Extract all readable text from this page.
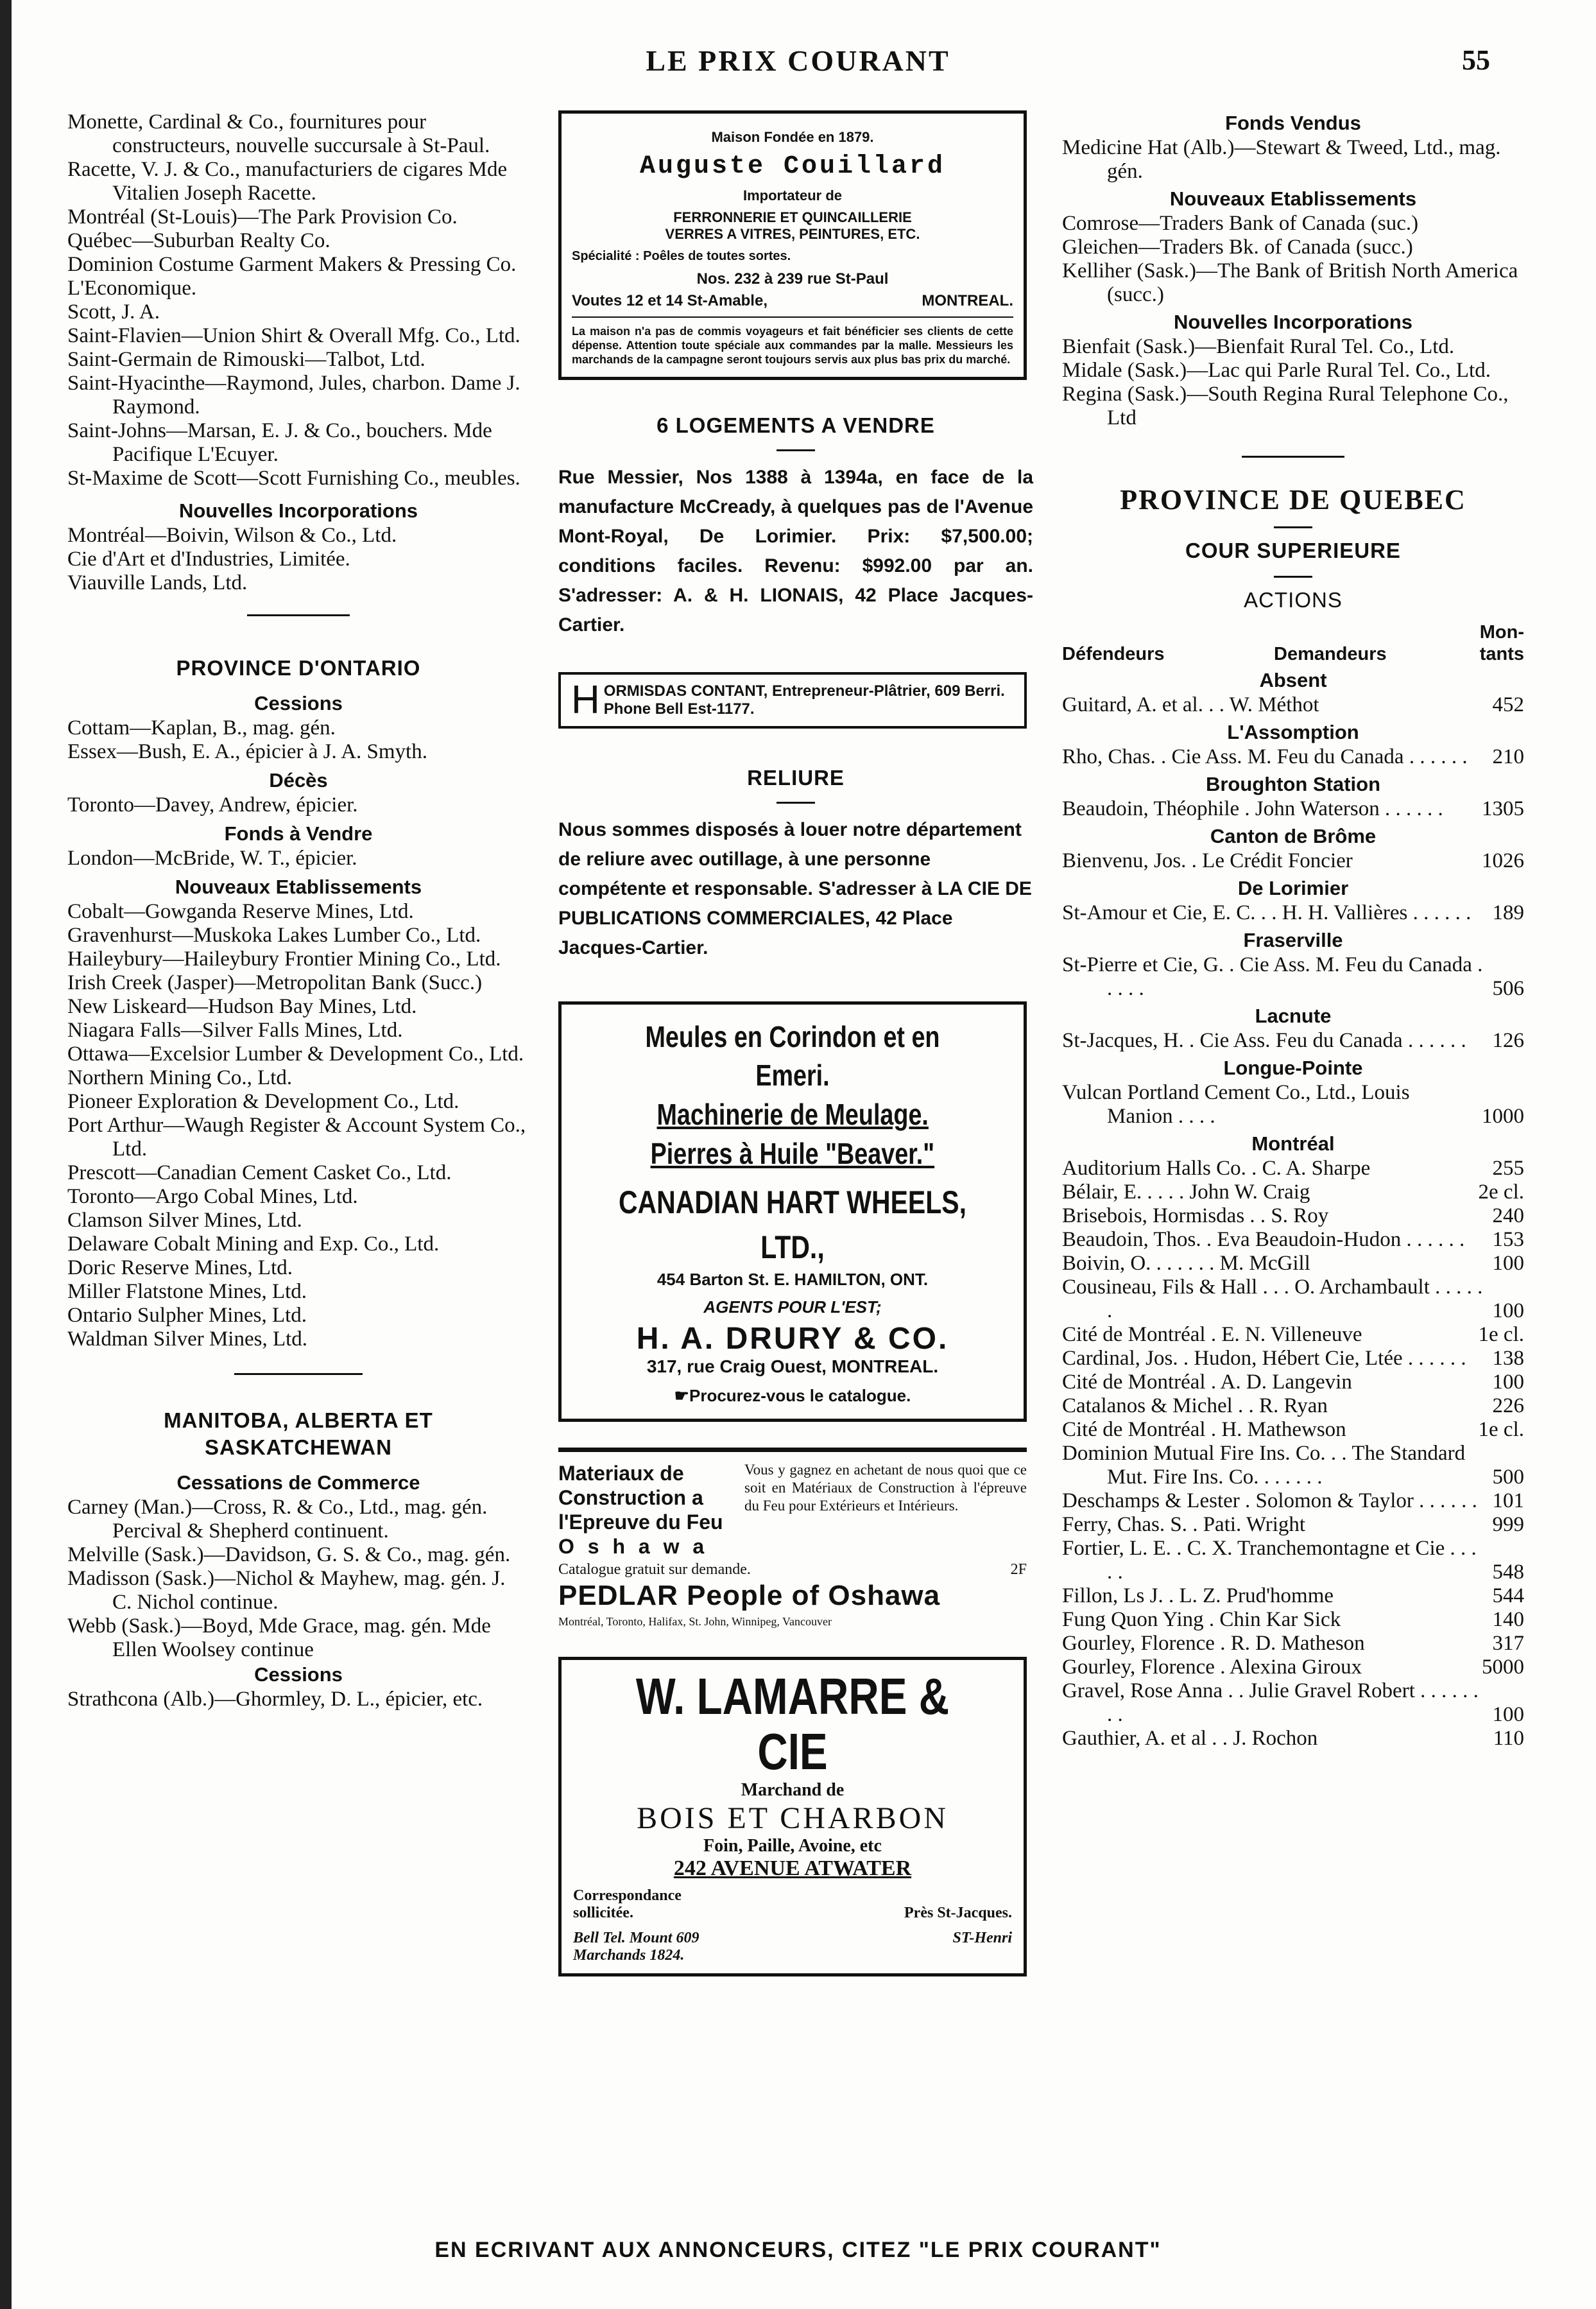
LE PRIX COURANT	55
Monette, Cardinal & Co., fournitures pour constructeurs, nouvelle succursale à St-Paul.
Racette, V. J. & Co., manufacturiers de cigares Mde Vitalien Joseph Racette.
Montréal (St-Louis)—The Park Provision Co.
Québec—Suburban Realty Co.
Dominion Costume Garment Makers & Pressing Co.
L'Economique.
Scott, J. A.
Saint-Flavien—Union Shirt & Overall Mfg. Co., Ltd.
Saint-Germain de Rimouski—Talbot, Ltd.
Saint-Hyacinthe—Raymond, Jules, charbon. Dame J. Raymond.
Saint-Johns—Marsan, E. J. & Co., bouchers. Mde Pacifique L'Ecuyer.
St-Maxime de Scott—Scott Furnishing Co., meubles.
Nouvelles Incorporations
Montréal—Boivin, Wilson & Co., Ltd.
Cie d'Art et d'Industries, Limitée.
Viauville Lands, Ltd.
PROVINCE D'ONTARIO
Cessions
Cottam—Kaplan, B., mag. gén.
Essex—Bush, E. A., épicier à J. A. Smyth.
Décès
Toronto—Davey, Andrew, épicier.
Fonds à Vendre
London—McBride, W. T., épicier.
Nouveaux Etablissements
Cobalt—Gowganda Reserve Mines, Ltd.
Gravenhurst—Muskoka Lakes Lumber Co., Ltd.
Haileybury—Haileybury Frontier Mining Co., Ltd.
Irish Creek (Jasper)—Metropolitan Bank (Succ.)
New Liskeard—Hudson Bay Mines, Ltd.
Niagara Falls—Silver Falls Mines, Ltd.
Ottawa—Excelsior Lumber & Development Co., Ltd.
Northern Mining Co., Ltd.
Pioneer Exploration & Development Co., Ltd.
Port Arthur—Waugh Register & Account System Co., Ltd.
Prescott—Canadian Cement Casket Co., Ltd.
Toronto—Argo Cobal Mines, Ltd.
Clamson Silver Mines, Ltd.
Delaware Cobalt Mining and Exp. Co., Ltd.
Doric Reserve Mines, Ltd.
Miller Flatstone Mines, Ltd.
Ontario Sulpher Mines, Ltd.
Waldman Silver Mines, Ltd.
MANITOBA, ALBERTA ET SASKATCHEWAN
Cessations de Commerce
Carney (Man.)—Cross, R. & Co., Ltd., mag. gén. Percival & Shepherd continuent.
Melville (Sask.)—Davidson, G. S. & Co., mag. gén.
Madisson (Sask.)—Nichol & Mayhew, mag. gén. J. C. Nichol continue.
Webb (Sask.)—Boyd, Mde Grace, mag. gén. Mde Ellen Woolsey continue
Cessions
Strathcona (Alb.)—Ghormley, D. L., épicier, etc.
Maison Fondée en 1879.
Auguste Couillard
Importateur de
FERRONNERIE ET QUINCAILLERIE
VERRES A VITRES, PEINTURES, ETC.
Spécialité : Poêles de toutes sortes.
Nos. 232 à 239 rue St-Paul
Voutes 12 et 14 St-Amable,	MONTREAL.
La maison n'a pas de commis voyageurs et fait bénéficier ses clients de cette dépense. Attention toute spéciale aux commandes par la malle. Messieurs les marchands de la campagne seront toujours servis aux plus bas prix du marché.
6 LOGEMENTS A VENDRE
Rue Messier, Nos 1388 à 1394a, en face de la manufacture McCready, à quelques pas de l'Avenue Mont-Royal, De Lorimier. Prix: $7,500.00; conditions faciles. Revenu: $992.00 par an. S'adresser: A. & H. LIONAIS, 42 Place Jacques-Cartier.
H ORMISDAS CONTANT, Entrepreneur-Plâtrier, 609 Berri. Phone Bell Est-1177.
RELIURE
Nous sommes disposés à louer notre département de reliure avec outillage, à une personne compétente et responsable. S'adresser à LA CIE DE PUBLICATIONS COMMERCIALES, 42 Place Jacques-Cartier.
Meules en Corindon et en Emeri.
Machinerie de Meulage.
Pierres à Huile "Beaver."
CANADIAN HART WHEELS, LTD.,
454 Barton St. E. HAMILTON, ONT.
AGENTS POUR L'EST;
H. A. DRURY & CO.
317, rue Craig Ouest, MONTREAL.
☛Procurez-vous le catalogue.
Materiaux de
Construction a
l'Epreuve du Feu
O s h a w a
Vous y gagnez en achetant de nous quoi que ce soit en Matériaux de Construction à l'épreuve du Feu pour Extérieurs et Intérieurs.
Catalogue gratuit sur demande.	2F
PEDLAR People of Oshawa
Montréal, Toronto, Halifax, St. John, Winnipeg, Vancouver
W. LAMARRE & CIE
Marchand de
BOIS ET CHARBON
Foin, Paille, Avoine, etc
242 AVENUE ATWATER
Correspondance
sollicitée.	Près St-Jacques.
Bell Tel. Mount 609	ST-Henri
Marchands 1824.
Fonds Vendus
Medicine Hat (Alb.)—Stewart & Tweed, Ltd., mag. gén.
Nouveaux Etablissements
Comrose—Traders Bank of Canada (suc.)
Gleichen—Traders Bk. of Canada (succ.)
Kelliher (Sask.)—The Bank of British North America (succ.)
Nouvelles Incorporations
Bienfait (Sask.)—Bienfait Rural Tel. Co., Ltd.
Midale (Sask.)—Lac qui Parle Rural Tel. Co., Ltd.
Regina (Sask.)—South Regina Rural Telephone Co., Ltd
PROVINCE DE QUEBEC
COUR SUPERIEURE
ACTIONS
Défendeurs	Demandeurs
Mon-
tants
Absent
Guitard, A. et al. . . W. Méthot	452
L'Assomption
Rho, Chas. . Cie Ass. M. Feu du Canada . . . . . .	210
Broughton Station
Beaudoin, Théophile . John Waterson . . . . . .	1305
Canton de Brôme
Bienvenu, Jos. . Le Crédit Foncier	1026
De Lorimier
St-Amour et Cie, E. C. . . H. H. Vallières . . . . . .	189
Fraserville
St-Pierre et Cie, G. . Cie Ass. M. Feu du Canada . . . . .	506
Lacnute
St-Jacques, H. . Cie Ass. Feu du Canada . . . . . .	126
Longue-Pointe
Vulcan Portland Cement Co., Ltd., Louis Manion . . . .	1000
Montréal
Auditorium Halls Co. . C. A. Sharpe	255
Bélair, E. . . . . John W. Craig	2e cl.
Brisebois, Hormisdas . . S. Roy	240
Beaudoin, Thos. . Eva Beaudoin-Hudon . . . . . .	153
Boivin, O. . . . . . . M. McGill	100
Cousineau, Fils & Hall . . . O. Archambault . . . . . .	100
Cité de Montréal . E. N. Villeneuve	1e cl.
Cardinal, Jos. . Hudon, Hébert Cie, Ltée . . . . . .	138
Cité de Montréal . A. D. Langevin	100
Catalanos & Michel . . R. Ryan	226
Cité de Montréal . H. Mathewson	1e cl.
Dominion Mutual Fire Ins. Co. . . The Standard Mut. Fire Ins. Co. . . . . . .	500
Deschamps & Lester . Solomon & Taylor . . . . . . 101
Ferry, Chas. S. . Pati. Wright	999
Fortier, L. E. . C. X. Tranchemontagne et Cie . . . . .	548
Fillon, Ls J. . L. Z. Prud'homme	544
Fung Quon Ying . Chin Kar Sick	140
Gourley, Florence . R. D. Matheson	317
Gourley, Florence . Alexina Giroux	5000
Gravel, Rose Anna . . Julie Gravel Robert . . . . . . . .	100
Gauthier, A. et al . . J. Rochon	110
EN ECRIVANT AUX ANNONCEURS, CITEZ "LE PRIX COURANT"
